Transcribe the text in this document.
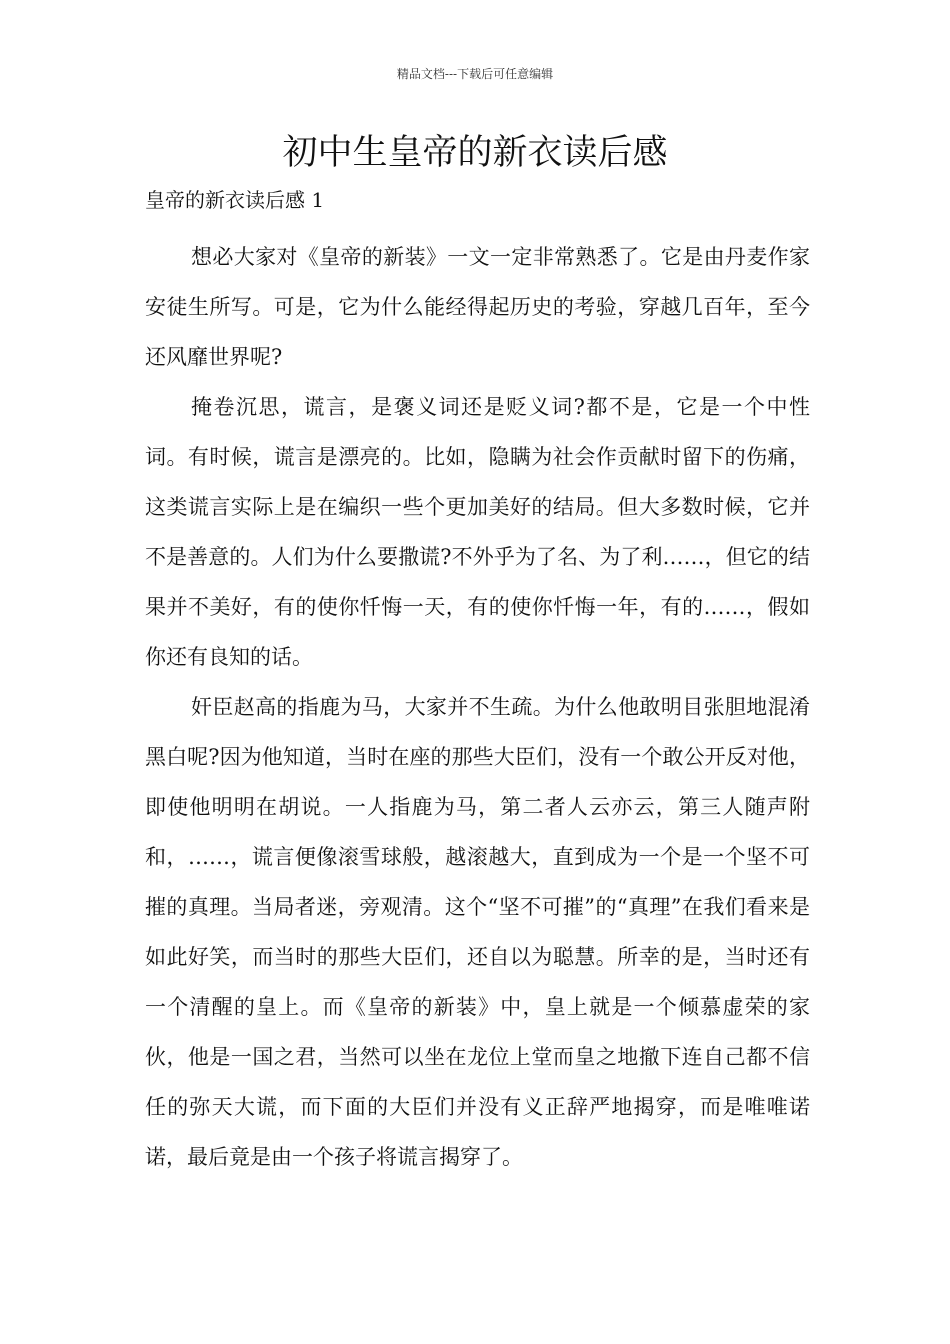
精品文档---下载后可任意编辑
初中生皇帝的新衣读后感

皇帝的新衣读后感 1

想必大家对《皇帝的新装》一文一定非常熟悉了。它是由丹麦作家安徒生所写。可是，它为什么能经得起历史的考验，穿越几百年，至今还风靡世界呢?

掩卷沉思，谎言，是褒义词还是贬义词?都不是，它是一个中性词。有时候，谎言是漂亮的。比如，隐瞒为社会作贡献时留下的伤痛，这类谎言实际上是在编织一些个更加美好的结局。但大多数时候，它并不是善意的。人们为什么要撒谎?不外乎为了名、为了利……，但它的结果并不美好，有的使你忏悔一天，有的使你忏悔一年，有的……，假如你还有良知的话。

奸臣赵高的指鹿为马，大家并不生疏。为什么他敢明目张胆地混淆黑白呢?因为他知道，当时在座的那些大臣们，没有一个敢公开反对他，即使他明明在胡说。一人指鹿为马，第二者人云亦云，第三人随声附和，……，谎言便像滚雪球般，越滚越大，直到成为一个是一个坚不可摧的真理。当局者迷，旁观清。这个“坚不可摧”的“真理”在我们看来是如此好笑，而当时的那些大臣们，还自以为聪慧。所幸的是，当时还有一个清醒的皇上。而《皇帝的新装》中，皇上就是一个倾慕虚荣的家伙，他是一国之君，当然可以坐在龙位上堂而皇之地撤下连自己都不信任的弥天大谎，而下面的大臣们并没有义正辞严地揭穿，而是唯唯诺诺，最后竟是由一个孩子将谎言揭穿了。
